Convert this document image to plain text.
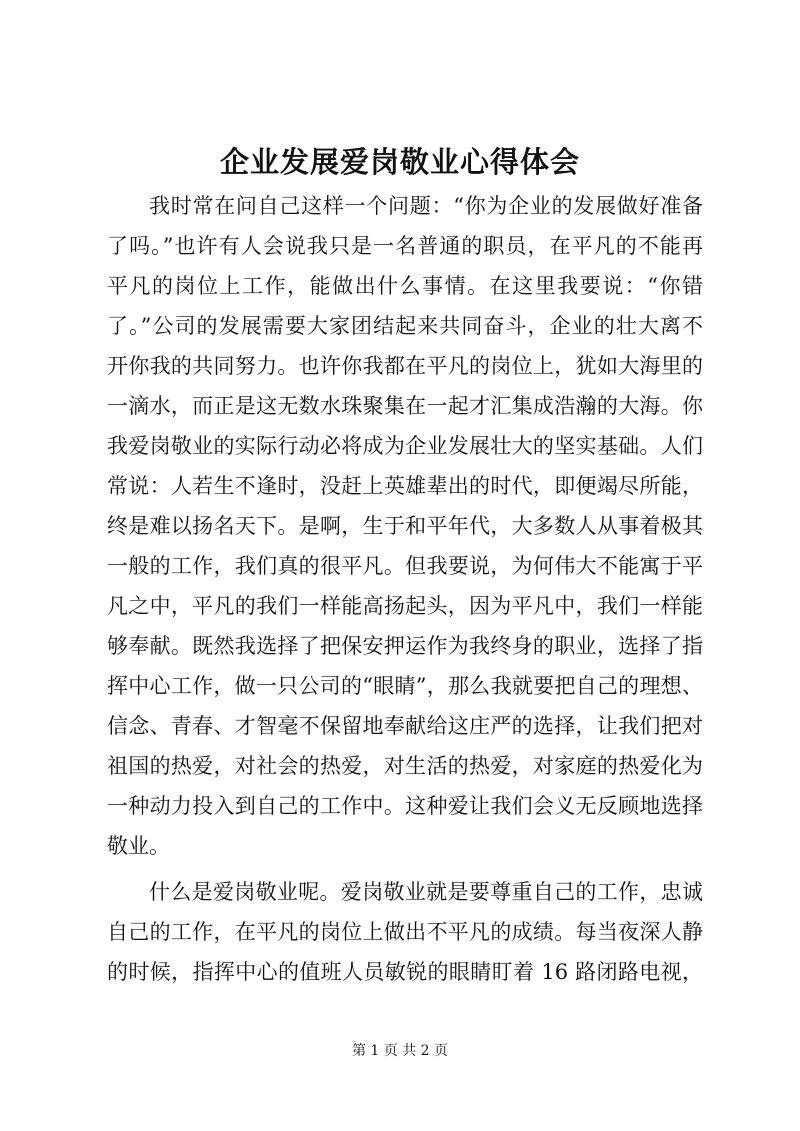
企业发展爱岗敬业心得体会

我时常在问自己这样一个问题：“你为企业的发展做好准备

了吗。”也许有人会说我只是一名普通的职员，在平凡的不能再

平凡的岗位上工作，能做出什么事情。在这里我要说：“你错

了。”公司的发展需要大家团结起来共同奋斗，企业的壮大离不

开你我的共同努力。也许你我都在平凡的岗位上，犹如大海里的

一滴水，而正是这无数水珠聚集在一起才汇集成浩瀚的大海。你

我爱岗敬业的实际行动必将成为企业发展壮大的坚实基础。人们

常说：人若生不逢时，没赶上英雄辈出的时代，即便竭尽所能，

终是难以扬名天下。是啊，生于和平年代，大多数人从事着极其

一般的工作，我们真的很平凡。但我要说，为何伟大不能寓于平

凡之中，平凡的我们一样能高扬起头，因为平凡中，我们一样能

够奉献。既然我选择了把保安押运作为我终身的职业，选择了指

挥中心工作，做一只公司的“眼睛”，那么我就要把自己的理想、

信念、青春、才智毫不保留地奉献给这庄严的选择，让我们把对

祖国的热爱，对社会的热爱，对生活的热爱，对家庭的热爱化为

一种动力投入到自己的工作中。这种爱让我们会义无反顾地选择

敬业。

什么是爱岗敬业呢。爱岗敬业就是要尊重自己的工作，忠诚

自己的工作，在平凡的岗位上做出不平凡的成绩。每当夜深人静

的时候，指挥中心的值班人员敏锐的眼睛盯着 16 路闭路电视，

第 1 页 共 2 页
